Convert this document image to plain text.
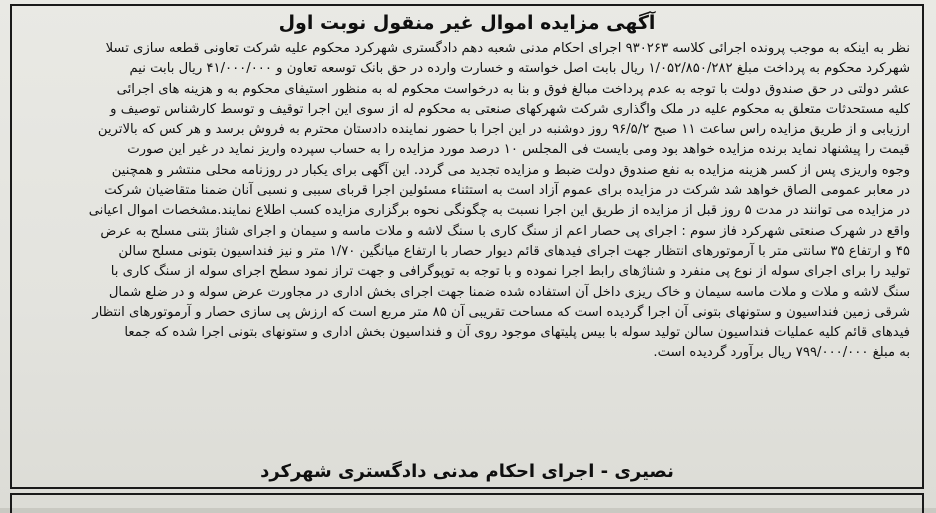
آگهی مزایده اموال غیر منقول نوبت اول
نظر به اینکه به موجب پرونده اجرائی کلاسه ۹۳۰۲۶۳ اجرای احکام مدنی شعبه دهم دادگستری شهرکرد محکوم علیه شرکت تعاونی قطعه سازی تسلا
شهرکرد محکوم به پرداخت مبلغ ۱/۰۵۲/۸۵۰/۲۸۲ ریال بابت اصل خواسته و خسارت وارده در حق بانک توسعه تعاون و ۴۱/۰۰۰/۰۰۰ ریال بابت نیم
عشر دولتی در حق صندوق دولت با توجه به عدم پرداخت مبالغ فوق و بنا به درخواست محکوم له به منظور استیفای محکوم به و هزینه های اجرائی
کلیه مستحدثات متعلق به محکوم علیه در ملک واگذاری شرکت شهرکهای صنعتی به محکوم له از سوی این اجرا توقیف و توسط کارشناس توصیف و
ارزیابی و از طریق مزایده راس ساعت ۱۱ صبح ۹۶/۵/۲ روز دوشنبه در این اجرا با حضور نماینده دادستان محترم به فروش برسد و هر کس که بالاترین
قیمت را پیشنهاد نماید برنده مزایده خواهد بود ومی بایست فی المجلس ۱۰ درصد مورد مزایده را به حساب سپرده واریز نماید در غیر این صورت
وجوه واریزی پس از کسر هزینه مزایده به نفع صندوق دولت ضبط و مزایده تجدید می گردد. این آگهی برای یکبار در روزنامه محلی منتشر و همچنین
در معابر عمومی الصاق خواهد شد شرکت در مزایده برای عموم آزاد است به استثناء مسئولین اجرا قربای سببی و نسبی آنان ضمنا متقاضیان شرکت
در مزایده می توانند در مدت ۵ روز قبل از مزایده از طریق این اجرا نسبت به چگونگی نحوه برگزاری مزایده کسب اطلاع نمایند.مشخصات اموال اعیانی
واقع در شهرک صنعتی شهرکرد فاز سوم : اجرای پی حصار اعم از سنگ کاری با سنگ لاشه و ملات ماسه و سیمان و اجرای شناژ بتنی مسلح به عرض
۴۵ و ارتفاع ۳۵ سانتی متر با آرموتورهای انتظار جهت اجرای فیدهای قائم دیوار حصار با ارتفاع میانگین ۱/۷۰ متر و نیز فنداسیون بتونی مسلح سالن
تولید را برای اجرای سوله از نوع پی منفرد و شناژهای رابط اجرا نموده و با توجه به توپوگرافی و جهت تراز نمود سطح اجرای سوله از سنگ کاری با
سنگ لاشه و ملات و ملات ماسه سیمان و خاک ریزی داخل آن استفاده شده ضمنا جهت اجرای بخش اداری در مجاورت عرض سوله و در ضلع شمال
شرقی زمین فنداسیون و ستونهای بتونی آن اجرا گردیده است که مساحت تقریبی آن ۸۵ متر مربع است که ارزش پی سازی حصار و آرموتورهای انتظار
فیدهای قائم کلیه عملیات فنداسیون سالن تولید سوله با بیس پلیتهای موجود روی آن و فنداسیون بخش اداری و ستونهای بتونی اجرا شده که جمعا
به مبلغ ۷۹۹/۰۰۰/۰۰۰ ریال برآورد گردیده است.
نصیری - اجرای احکام مدنی دادگستری شهرکرد
